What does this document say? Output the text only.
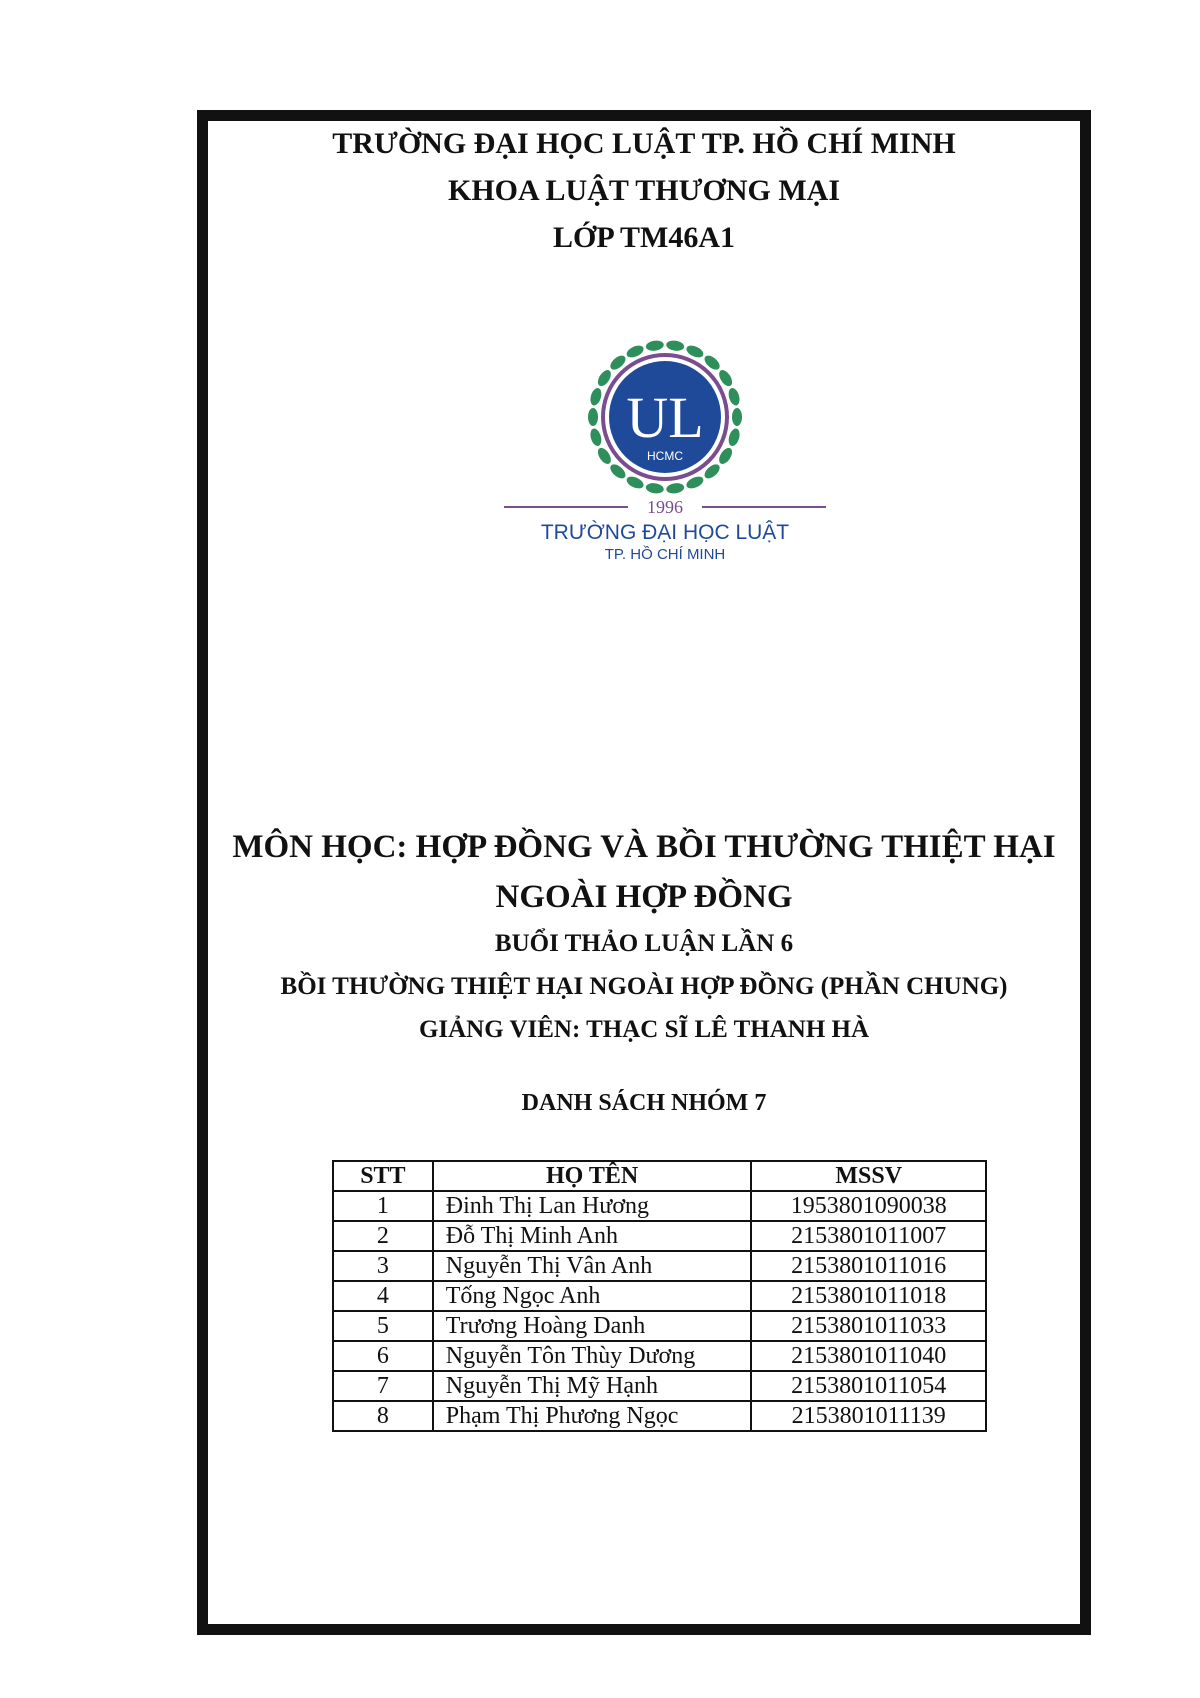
TRƯỜNG ĐẠI HỌC LUẬT TP. HỒ CHÍ MINH
KHOA LUẬT THƯƠNG MẠI
LỚP TM46A1
UL
HCMC
1996
TRƯỜNG ĐẠI HỌC LUẬT
TP. HỒ CHÍ MINH
MÔN HỌC: HỢP ĐỒNG VÀ BỒI THƯỜNG THIỆT HẠI
NGOÀI HỢP ĐỒNG
BUỔI THẢO LUẬN LẦN 6
BỒI THƯỜNG THIỆT HẠI NGOÀI HỢP ĐỒNG (PHẦN CHUNG)
GIẢNG VIÊN: THẠC SĨ LÊ THANH HÀ
DANH SÁCH NHÓM 7
STT	HỌ TÊN	MSSV
1	Đinh Thị Lan Hương	1953801090038
2	Đỗ Thị Minh Anh	2153801011007
3	Nguyễn Thị Vân Anh	2153801011016
4	Tống Ngọc Anh	2153801011018
5	Trương Hoàng Danh	2153801011033
6	Nguyễn Tôn Thùy Dương	2153801011040
7	Nguyễn Thị Mỹ Hạnh	2153801011054
8	Phạm Thị Phương Ngọc	2153801011139
